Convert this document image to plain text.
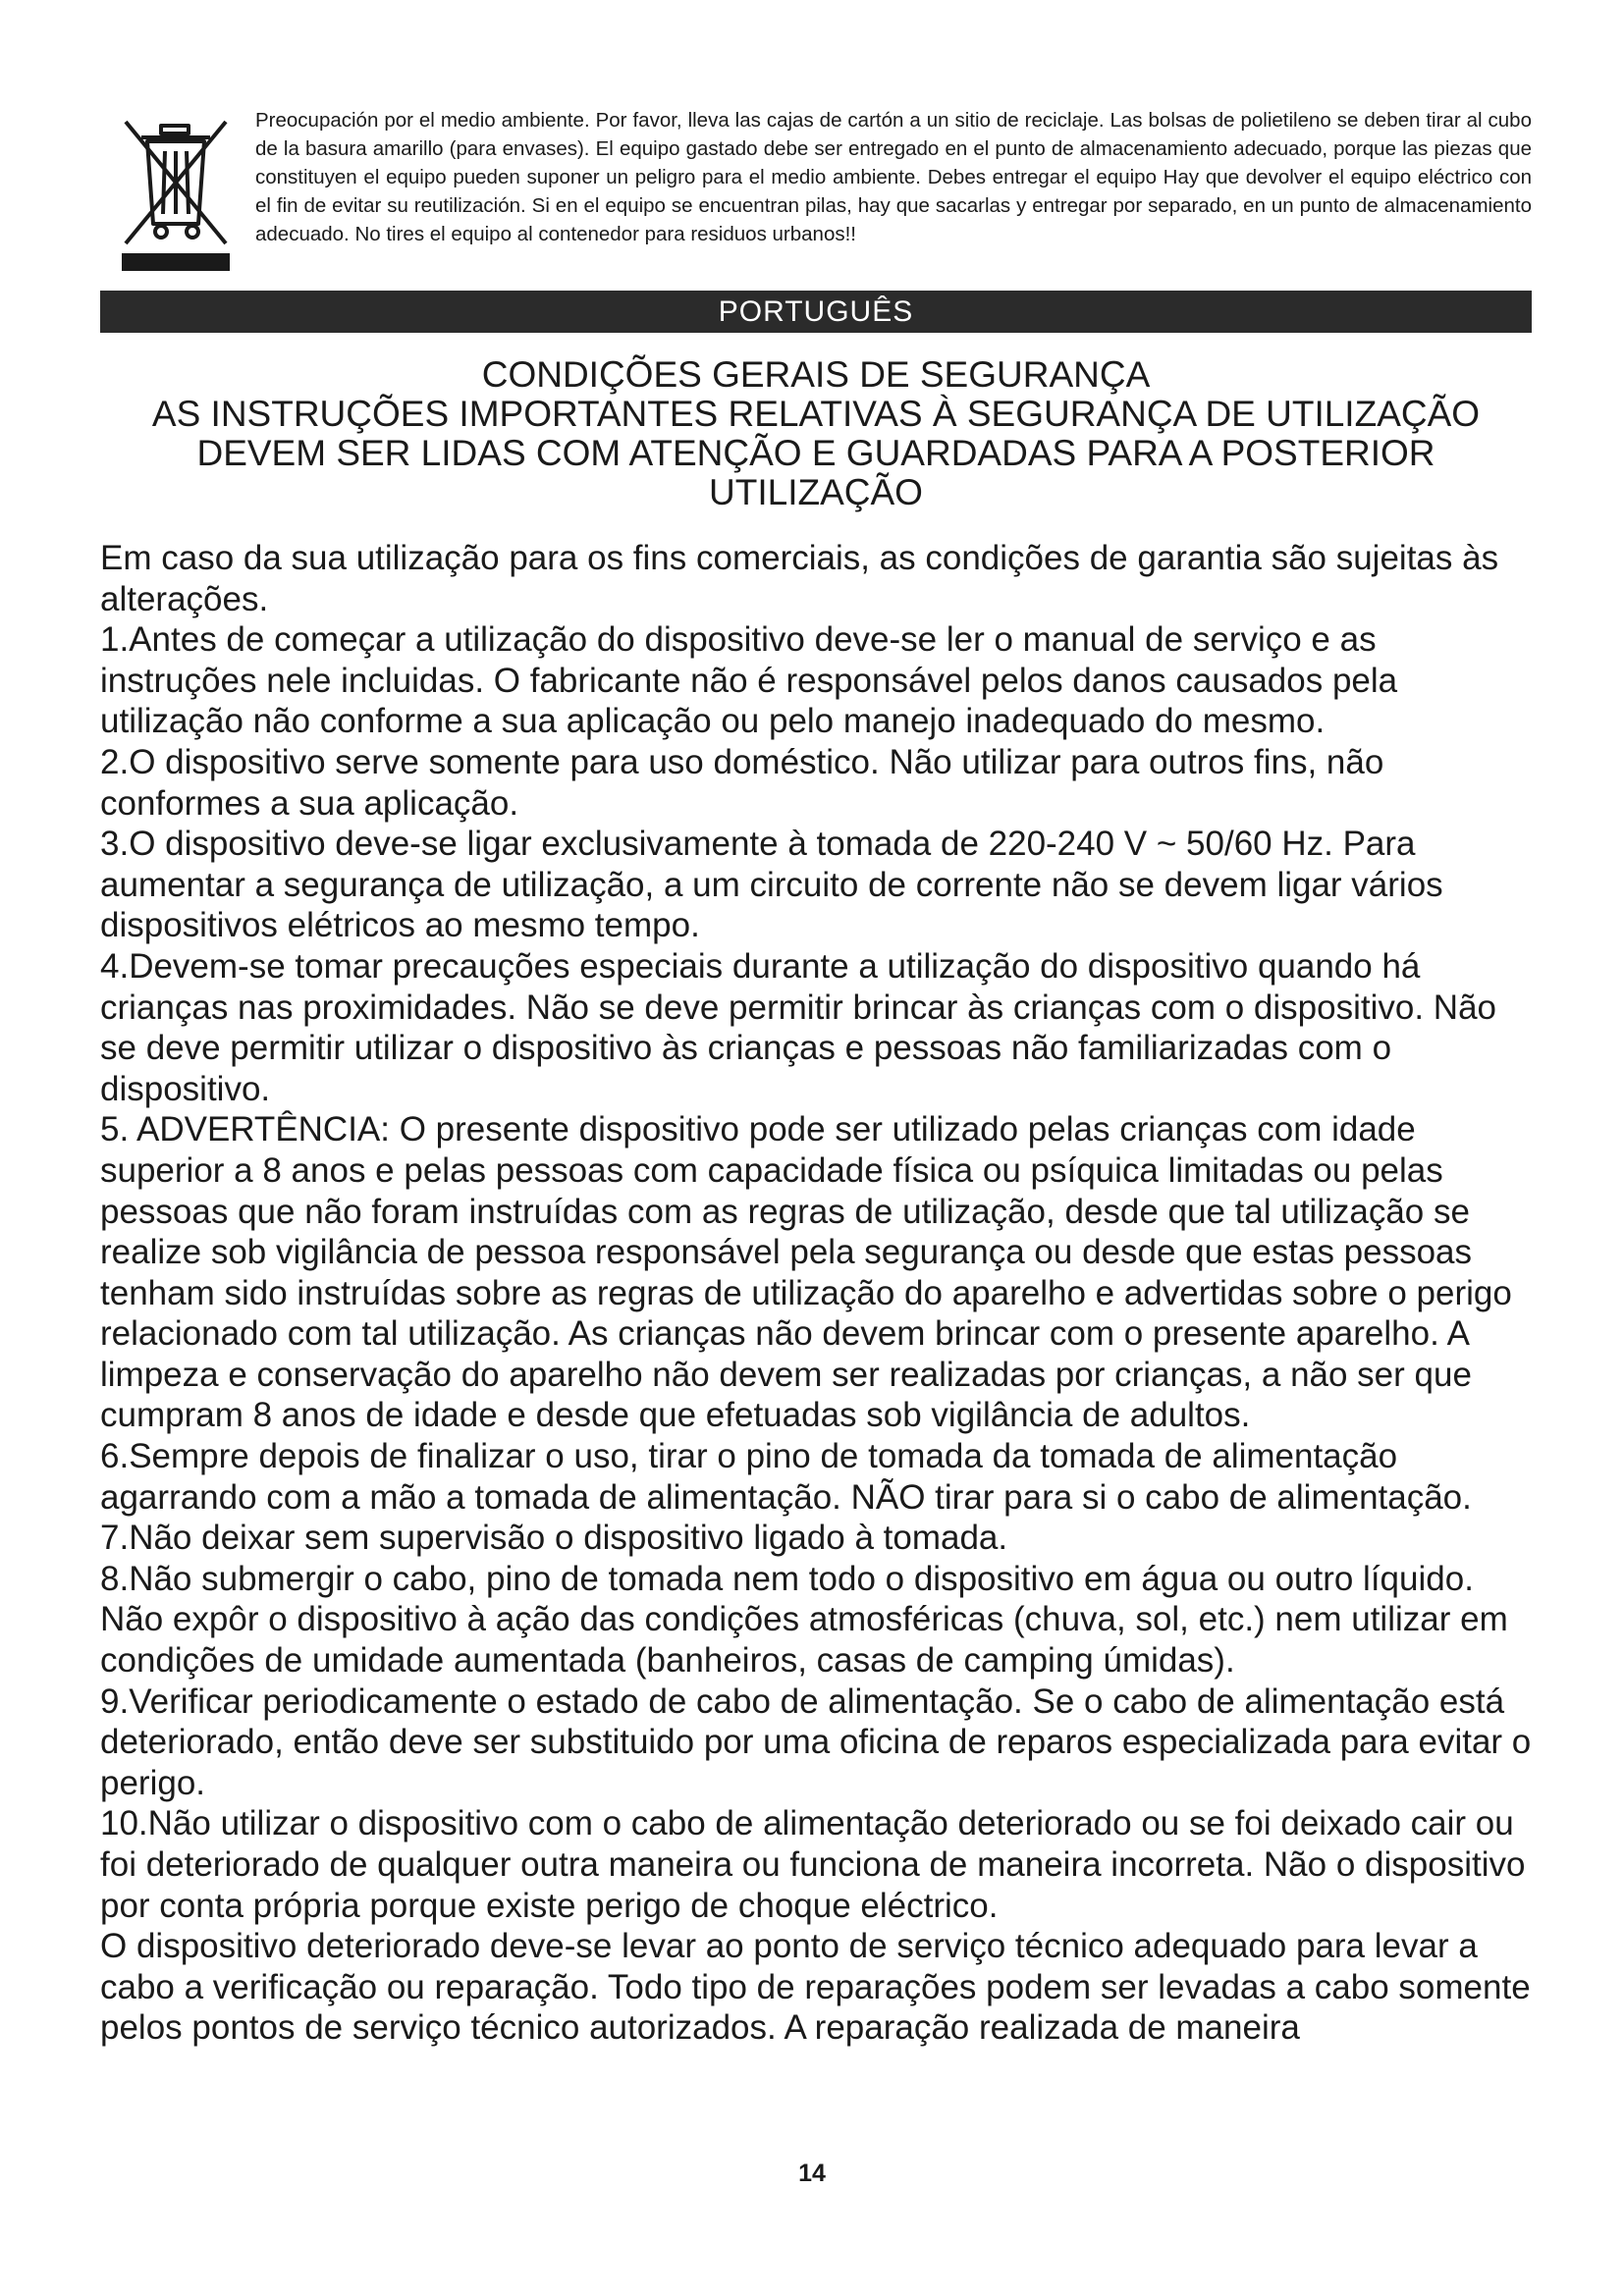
Preocupación por el medio ambiente. Por favor, lleva las cajas de cartón a un sitio de reciclaje. Las bolsas de polietileno se deben tirar al cubo de la basura amarillo (para envases). El equipo gastado debe ser entregado en el punto de almacenamiento adecuado, porque las piezas que constituyen el equipo pueden suponer un peligro para el medio ambiente. Debes entregar el equipo Hay que devolver el equipo eléctrico con el fin de evitar su reutilización. Si en el equipo se encuentran pilas, hay que sacarlas y entregar por separado, en un punto de almacenamiento adecuado. No tires el equipo al contenedor para residuos urbanos!!
PORTUGUÊS
CONDIÇÕES GERAIS DE SEGURANÇA
AS INSTRUÇÕES IMPORTANTES RELATIVAS À SEGURANÇA DE UTILIZAÇÃO
DEVEM SER LIDAS COM ATENÇÃO E GUARDADAS PARA A POSTERIOR
UTILIZAÇÃO

Em caso da sua utilização para os fins comerciais, as condições de garantia são sujeitas às alterações.

1.Antes de começar a utilização do dispositivo deve-se ler o manual de serviço e as instruções nele incluidas. O fabricante não é responsável pelos danos causados pela utilização não conforme a sua aplicação ou pelo manejo inadequado do mesmo.

2.O dispositivo serve somente para uso doméstico. Não utilizar para outros fins, não conformes a sua aplicação.

3.O dispositivo deve-se ligar exclusivamente à tomada de 220-240 V ~ 50/60 Hz. Para aumentar a segurança de utilização, a um circuito de corrente não se devem ligar vários dispositivos elétricos ao mesmo tempo.

4.Devem-se tomar precauções especiais durante a utilização do dispositivo quando há crianças nas proximidades. Não se deve permitir brincar às crianças com o dispositivo. Não se deve permitir utilizar o dispositivo às crianças e pessoas não familiarizadas com o dispositivo.

5. ADVERTÊNCIA: O presente dispositivo pode ser utilizado pelas crianças com idade superior a 8 anos e pelas pessoas com capacidade física ou psíquica limitadas ou pelas pessoas que não foram instruídas com as regras de utilização, desde que tal utilização se realize sob vigilância de pessoa responsável pela segurança ou desde que estas pessoas tenham sido instruídas sobre as regras de utilização do aparelho e advertidas sobre o perigo relacionado com tal utilização. As crianças não devem brincar com o presente aparelho. A limpeza e conservação do aparelho não devem ser realizadas por crianças, a não ser que cumpram 8 anos de idade e desde que efetuadas sob vigilância de adultos.

6.Sempre depois de finalizar o uso, tirar o pino de tomada da tomada de alimentação agarrando com a mão a tomada de alimentação. NÃO tirar para si o cabo de alimentação.

7.Não deixar sem supervisão o dispositivo ligado à tomada.

8.Não submergir o cabo, pino de tomada nem todo o dispositivo em água ou outro líquido. Não expôr o dispositivo à ação das condições atmosféricas (chuva, sol, etc.) nem utilizar em condições de umidade aumentada (banheiros, casas de camping úmidas).

9.Verificar periodicamente o estado de cabo de alimentação. Se o cabo de alimentação está deteriorado, então deve ser substituido por uma oficina de reparos especializada para evitar o perigo.

10.Não utilizar o dispositivo com o cabo de alimentação deteriorado ou se foi deixado cair ou foi deteriorado de qualquer outra maneira ou funciona de maneira incorreta. Não o dispositivo por conta própria porque existe perigo de choque eléctrico.

O dispositivo deteriorado deve-se levar ao ponto de serviço técnico adequado para levar a cabo a verificação ou reparação. Todo tipo de reparações podem ser levadas a cabo somente pelos pontos de serviço técnico autorizados. A reparação realizada de maneira

14
